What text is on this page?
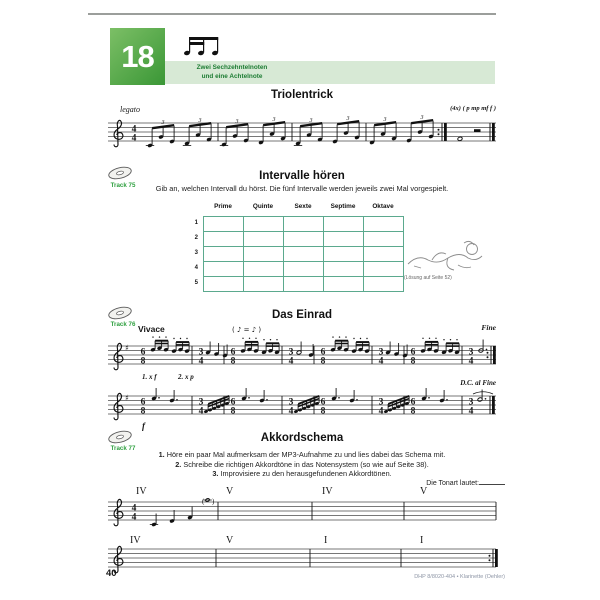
18	Zwei Sechzehntelnoten
und eine Achtelnote
Triolentrick
4
4
legato	(4x) ( p mp mf f )
3	3	3	3	3	3	3	3
Track 75
Intervalle hören
Gib an, welchen Intervall du hörst. Die fünf Intervalle werden jeweils zwei Mal vorgespielt.
Prime	Quinte	Sexte	Septime	Oktave
1
2
3
4
5
(Lösung auf Seite 52)
Track 76
Das Einrad
♯
Vivace	( ♪ = ♪ )	Fine
1. x f	2. x p
6
8
3
4
6
8
3
4
6
8
3
4
6
8
3
4
♯
D.C. al Fine
f
6
8
3
4
6
8
3
4
6
8
3
4
6
8
3
4
Track 77
Akkordschema
1. Höre ein paar Mal aufmerksam der MP3-Aufnahme zu und lies dabei das Schema mit.
2. Schreibe die richtigen Akkordtöne in das Notensystem (so wie auf Seite 38).
3. Improvisiere zu den herausgefundenen Akkordtönen.
Die Tonart lautet:
4
4
IV	V	IV	V
( )
IV	V	I	I
40	DHP 8/8020-404 • Klarinette (Oehler)
